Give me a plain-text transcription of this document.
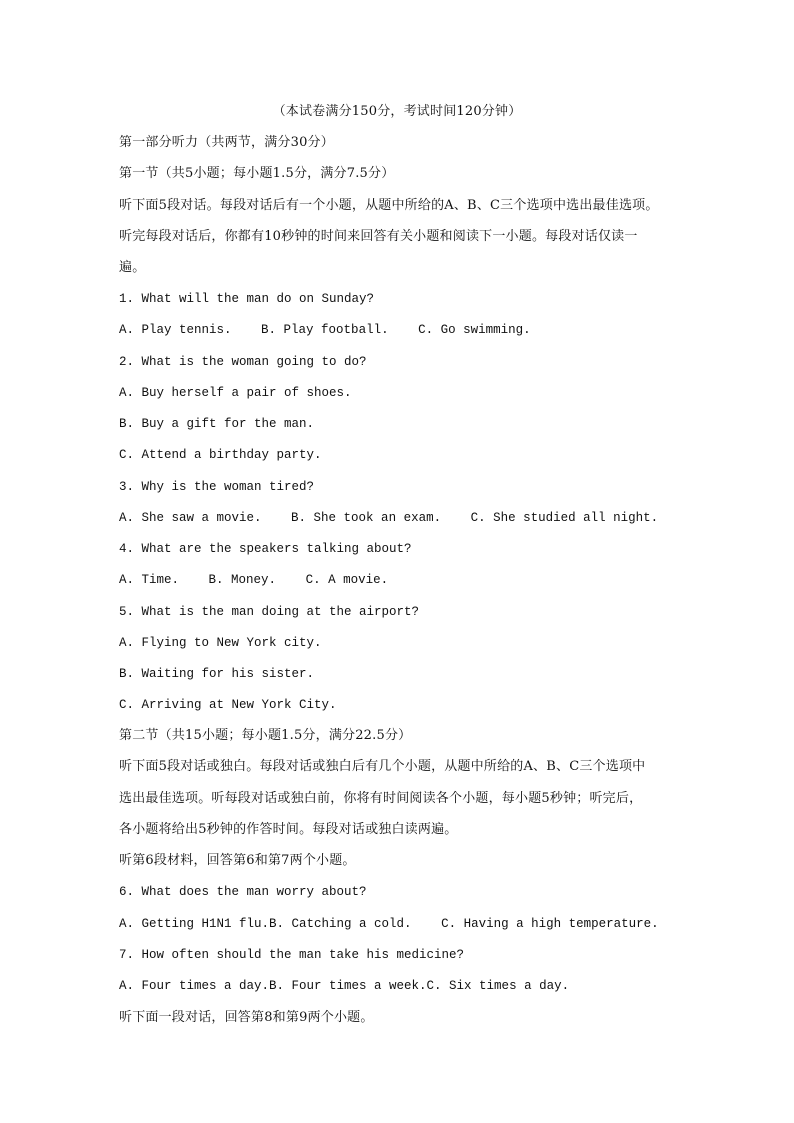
（本试卷满分150分，考试时间120分钟）
第一部分听力（共两节，满分30分）
第一节（共5小题；每小题1.5分，满分7.5分）
听下面5段对话。每段对话后有一个小题，从题中所给的A、B、C三个选项中选出最佳选项。
听完每段对话后，你都有10秒钟的时间来回答有关小题和阅读下一小题。每段对话仅读一
遍。
1. What will the man do on Sunday?
A. Play tennis. B. Play football. C. Go swimming.
2. What is the woman going to do?
A. Buy herself a pair of shoes.
B. Buy a gift for the man.
C. Attend a birthday party.
3. Why is the woman tired?
A. She saw a movie. B. She took an exam. C. She studied all night.
4. What are the speakers talking about?
A. Time. B. Money. C. A movie.
5. What is the man doing at the airport?
A. Flying to New York city.
B. Waiting for his sister.
C. Arriving at New York City.
第二节（共15小题；每小题1.5分，满分22.5分）
听下面5段对话或独白。每段对话或独白后有几个小题，从题中所给的A、B、C三个选项中
选出最佳选项。听每段对话或独白前，你将有时间阅读各个小题，每小题5秒钟；听完后，
各小题将给出5秒钟的作答时间。每段对话或独白读两遍。
听第6段材料，回答第6和第7两个小题。
6. What does the man worry about?
A. Getting H1N1 flu.B. Catching a cold. C. Having a high temperature.
7. How often should the man take his medicine?
A. Four times a day.B. Four times a week.C. Six times a day.
听下面一段对话，回答第8和第9两个小题。
